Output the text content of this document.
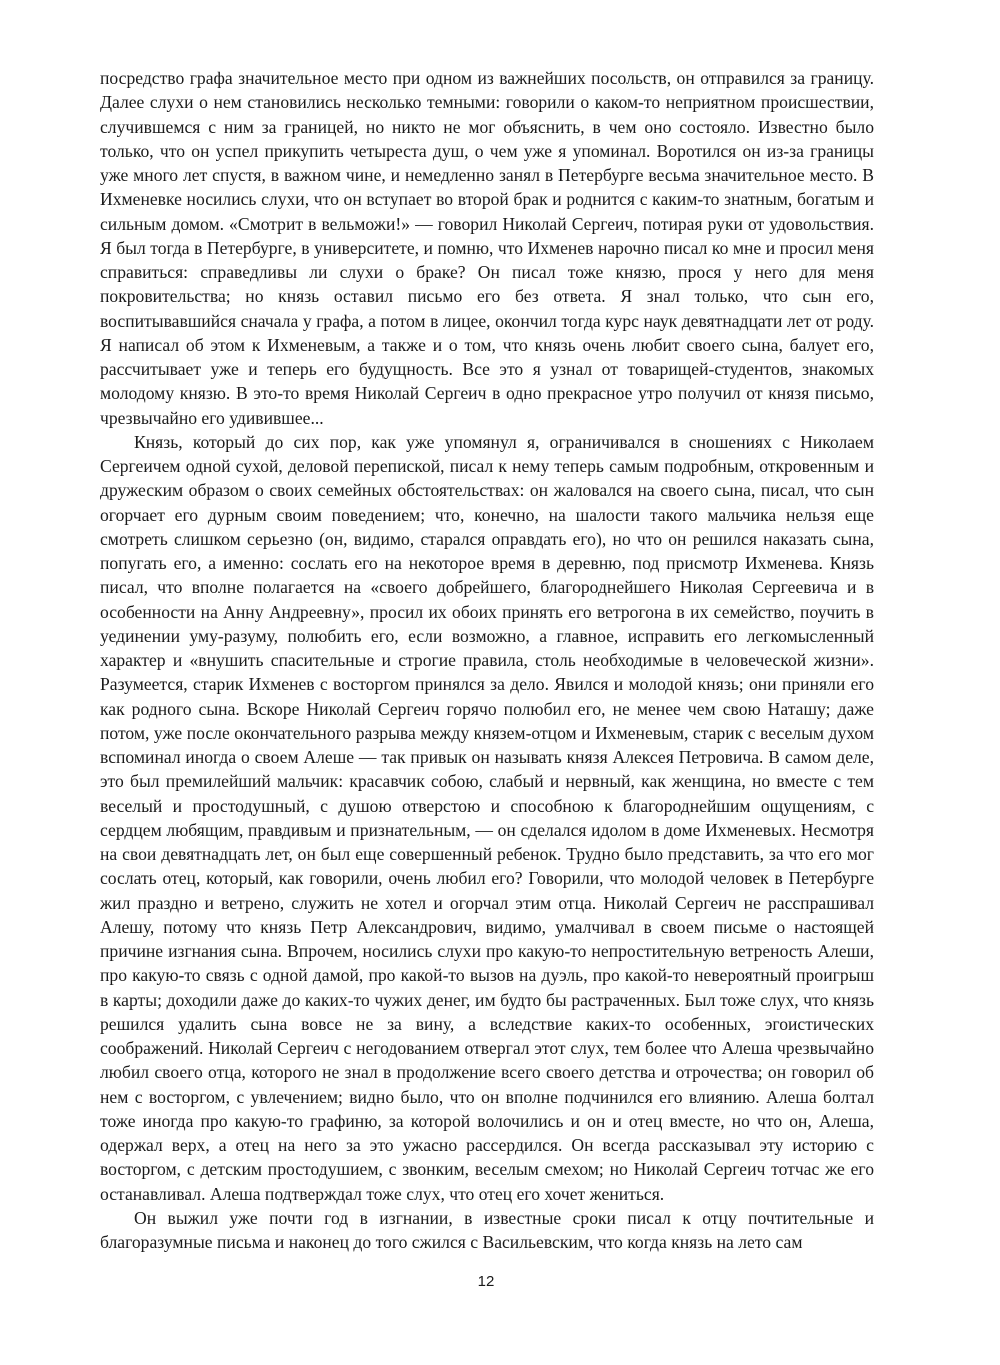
посредство графа значительное место при одном из важнейших посольств, он отправился за границу. Далее слухи о нем становились несколько темными: говорили о каком-то неприятном происшествии, случившемся с ним за границей, но никто не мог объяснить, в чем оно состояло. Известно было только, что он успел прикупить четыреста душ, о чем уже я упоминал. Воротился он из-за границы уже много лет спустя, в важном чине, и немедленно занял в Петербурге весьма значительное место. В Ихменевке носились слухи, что он вступает во второй брак и роднится с каким-то знатным, богатым и сильным домом. «Смотрит в вельможи!» — говорил Николай Сергеич, потирая руки от удовольствия. Я был тогда в Петербурге, в университете, и помню, что Ихменев нарочно писал ко мне и просил меня справиться: справедливы ли слухи о браке? Он писал тоже князю, прося у него для меня покровительства; но князь оставил письмо его без ответа. Я знал только, что сын его, воспитывавшийся сначала у графа, а потом в лицее, окончил тогда курс наук девятнадцати лет от роду. Я написал об этом к Ихменевым, а также и о том, что князь очень любит своего сына, балует его, рассчитывает уже и теперь его будущность. Все это я узнал от товарищей-студентов, знакомых молодому князю. В это-то время Николай Сергеич в одно прекрасное утро получил от князя письмо, чрезвычайно его удивившее...

Князь, который до сих пор, как уже упомянул я, ограничивался в сношениях с Николаем Сергеичем одной сухой, деловой перепиской, писал к нему теперь самым подробным, откровенным и дружеским образом о своих семейных обстоятельствах: он жаловался на своего сына, писал, что сын огорчает его дурным своим поведением; что, конечно, на шалости такого мальчика нельзя еще смотреть слишком серьезно (он, видимо, старался оправдать его), но что он решился наказать сына, попугать его, а именно: сослать его на некоторое время в деревню, под присмотр Ихменева. Князь писал, что вполне полагается на «своего добрейшего, благороднейшего Николая Сергеевича и в особенности на Анну Андреевну», просил их обоих принять его ветрогона в их семейство, поучить в уединении уму-разуму, полюбить его, если возможно, а главное, исправить его легкомысленный характер и «внушить спасительные и строгие правила, столь необходимые в человеческой жизни». Разумеется, старик Ихменев с восторгом принялся за дело. Явился и молодой князь; они приняли его как родного сына. Вскоре Николай Сергеич горячо полюбил его, не менее чем свою Наташу; даже потом, уже после окончательного разрыва между князем-отцом и Ихменевым, старик с веселым духом вспоминал иногда о своем Алеше — так привык он называть князя Алексея Петровича. В самом деле, это был премилейший мальчик: красавчик собою, слабый и нервный, как женщина, но вместе с тем веселый и простодушный, с душою отверстою и способною к благороднейшим ощущениям, с сердцем любящим, правдивым и признательным, — он сделался идолом в доме Ихменевых. Несмотря на свои девятнадцать лет, он был еще совершенный ребенок. Трудно было представить, за что его мог сослать отец, который, как говорили, очень любил его? Говорили, что молодой человек в Петербурге жил праздно и ветрено, служить не хотел и огорчал этим отца. Николай Сергеич не расспрашивал Алешу, потому что князь Петр Александрович, видимо, умалчивал в своем письме о настоящей причине изгнания сына. Впрочем, носились слухи про какую-то непростительную ветреность Алеши, про какую-то связь с одной дамой, про какой-то вызов на дуэль, про какой-то невероятный проигрыш в карты; доходили даже до каких-то чужих денег, им будто бы растраченных. Был тоже слух, что князь решился удалить сына вовсе не за вину, а вследствие каких-то особенных, эгоистических соображений. Николай Сергеич с негодованием отвергал этот слух, тем более что Алеша чрезвычайно любил своего отца, которого не знал в продолжение всего своего детства и отрочества; он говорил об нем с восторгом, с увлечением; видно было, что он вполне подчинился его влиянию. Алеша болтал тоже иногда про какую-то графиню, за которой волочились и он и отец вместе, но что он, Алеша, одержал верх, а отец на него за это ужасно рассердился. Он всегда рассказывал эту историю с восторгом, с детским простодушием, с звонким, веселым смехом; но Николай Сергеич тотчас же его останавливал. Алеша подтверждал тоже слух, что отец его хочет жениться.

Он выжил уже почти год в изгнании, в известные сроки писал к отцу почтительные и благоразумные письма и наконец до того сжился с Васильевским, что когда князь на лето сам

12
